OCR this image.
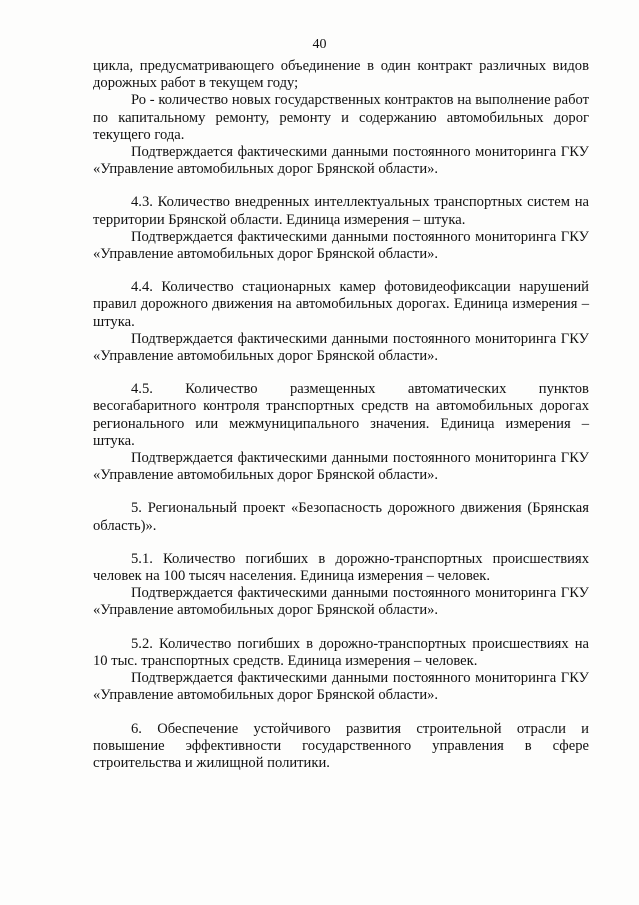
40

цикла, предусматривающего объединение в один контракт различных видов дорожных работ в текущем году;

Ро - количество новых государственных контрактов на выполнение работ по капитальному ремонту, ремонту и содержанию автомобильных дорог текущего года.

Подтверждается фактическими данными постоянного мониторинга ГКУ «Управление автомобильных дорог Брянской области».

4.3. Количество внедренных интеллектуальных транспортных систем на территории Брянской области. Единица измерения – штука.

Подтверждается фактическими данными постоянного мониторинга ГКУ «Управление автомобильных дорог Брянской области».

4.4. Количество стационарных камер фотовидеофиксации нарушений правил дорожного движения на автомобильных дорогах. Единица измерения – штука.

Подтверждается фактическими данными постоянного мониторинга ГКУ «Управление автомобильных дорог Брянской области».

4.5. Количество размещенных автоматических пунктов

весогабаритного контроля транспортных средств на автомобильных дорогах регионального или межмуниципального значения. Единица измерения – штука.

Подтверждается фактическими данными постоянного мониторинга ГКУ «Управление автомобильных дорог Брянской области».

5. Региональный проект «Безопасность дорожного движения (Брянская область)».

5.1. Количество погибших в дорожно-транспортных происшествиях человек на 100 тысяч населения. Единица измерения – человек.

Подтверждается фактическими данными постоянного мониторинга ГКУ «Управление автомобильных дорог Брянской области».

5.2. Количество погибших в дорожно-транспортных происшествиях на 10 тыс. транспортных средств. Единица измерения – человек.

Подтверждается фактическими данными постоянного мониторинга ГКУ «Управление автомобильных дорог Брянской области».

6. Обеспечение устойчивого развития строительной отрасли и повышение эффективности государственного управления в сфере строительства и жилищной политики.
